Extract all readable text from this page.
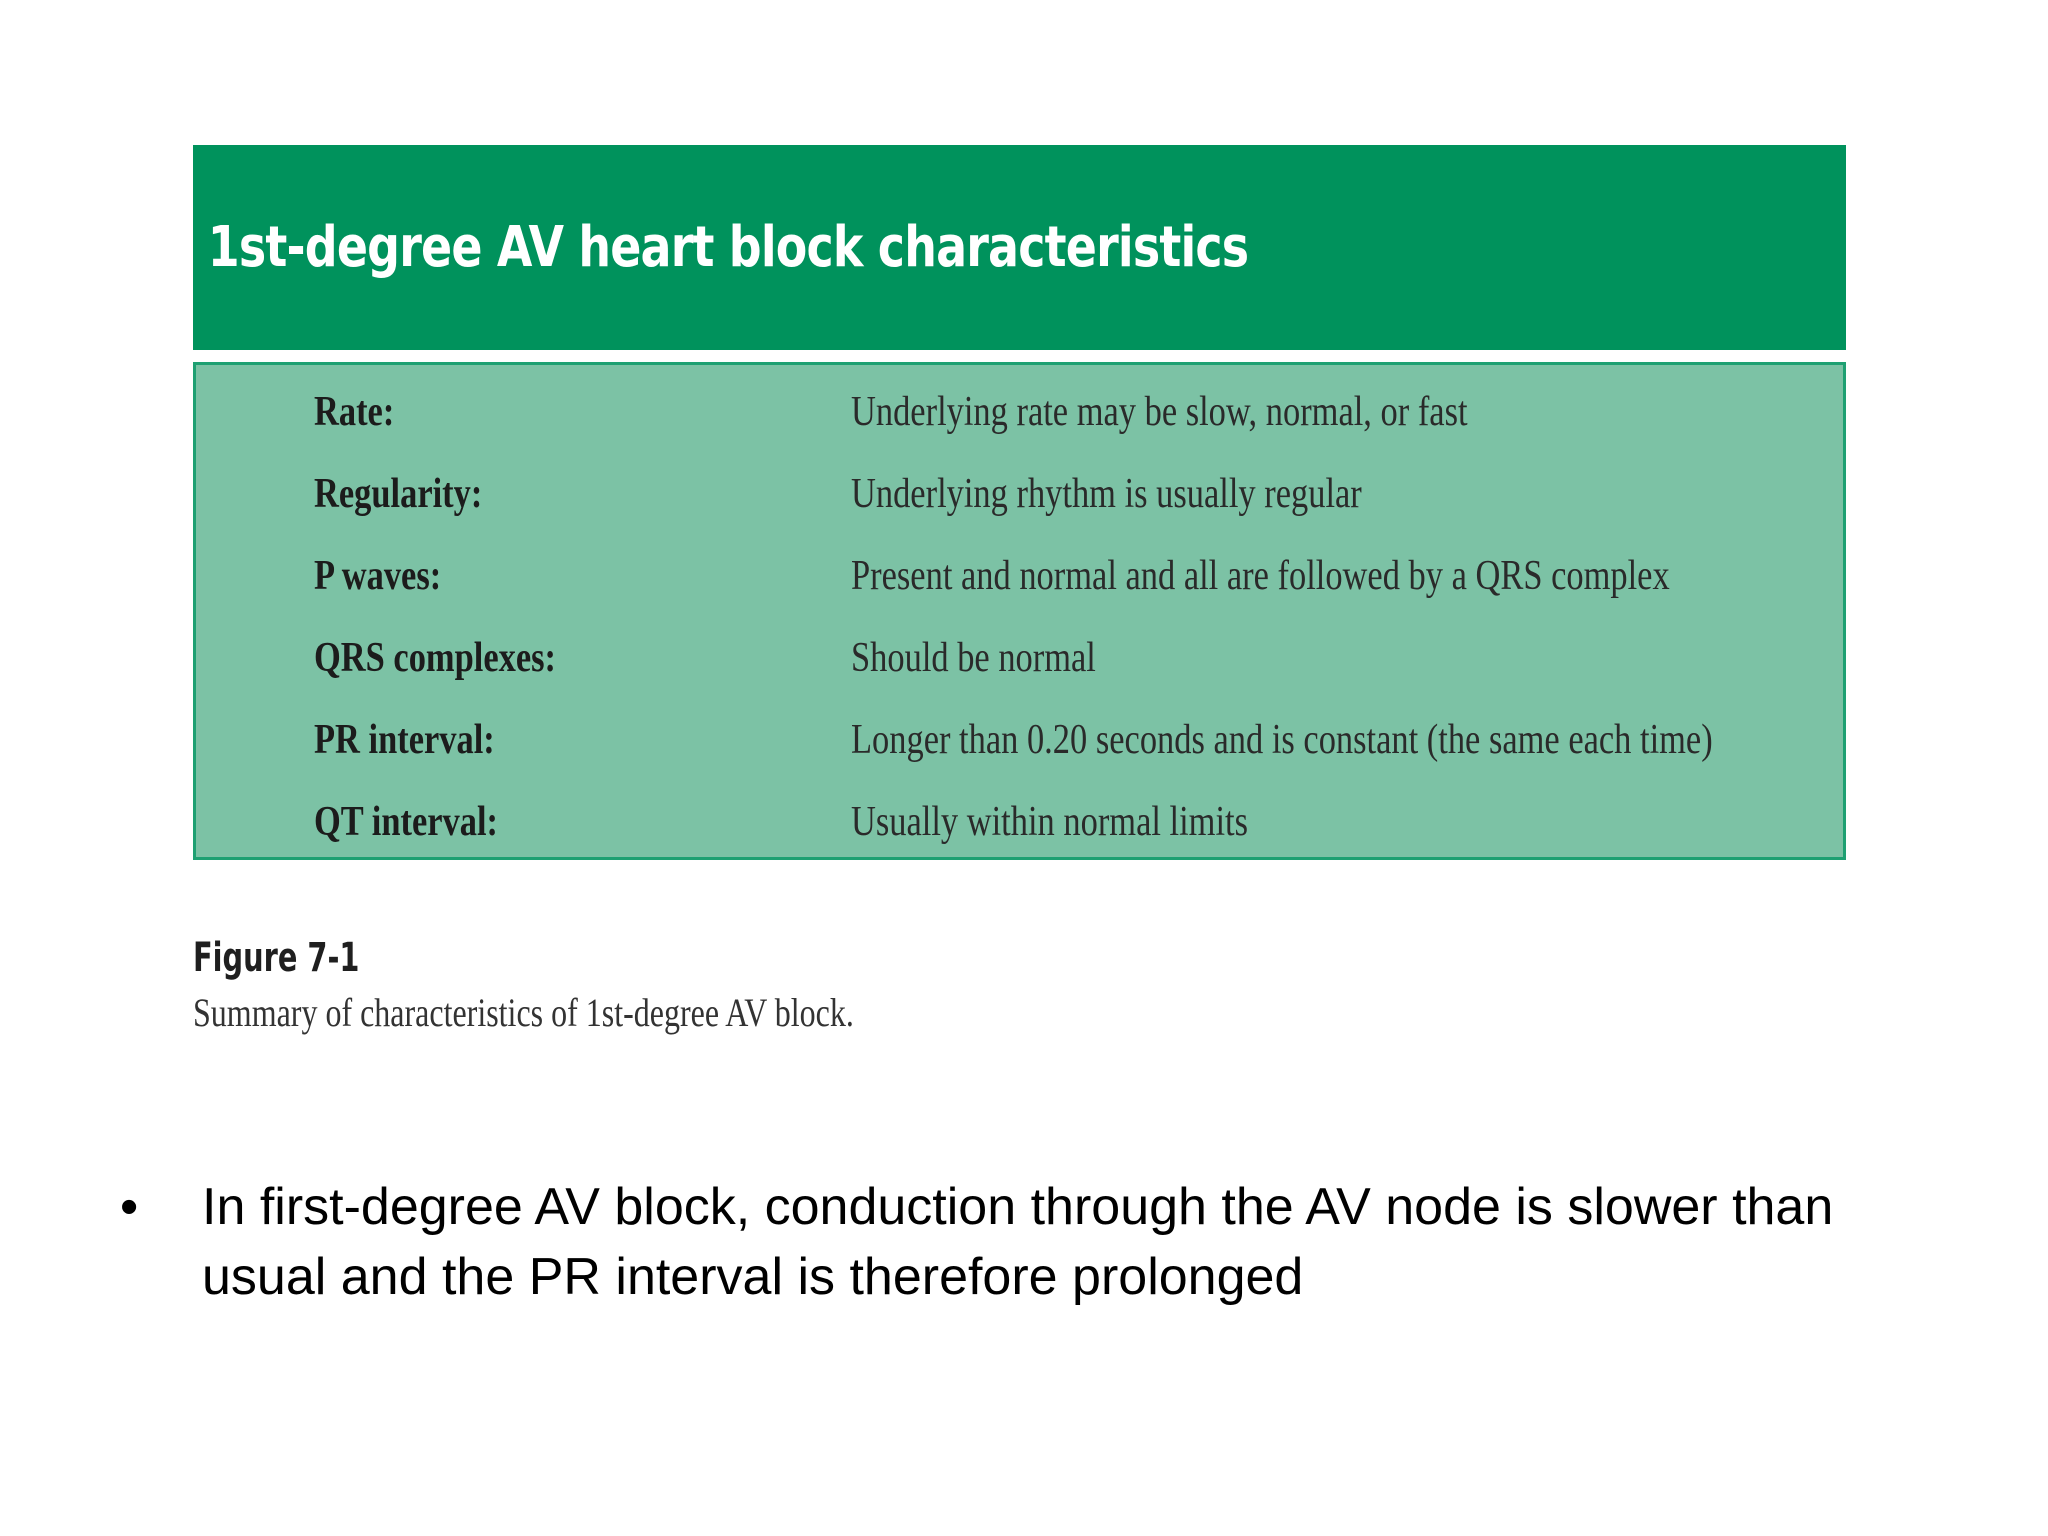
1st-degree AV heart block characteristics
Rate:	Underlying rate may be slow, normal, or fast
Regularity:	Underlying rhythm is usually regular
P waves:	Present and normal and all are followed by a QRS complex
QRS complexes:	Should be normal
PR interval:	Longer than 0.20 seconds and is constant (the same each time)
QT interval:	Usually within normal limits
Figure 7-1
Summary of characteristics of 1st-degree AV block.
• In first-degree AV block, conduction through the AV node is slower than usual and the PR interval is therefore prolonged
